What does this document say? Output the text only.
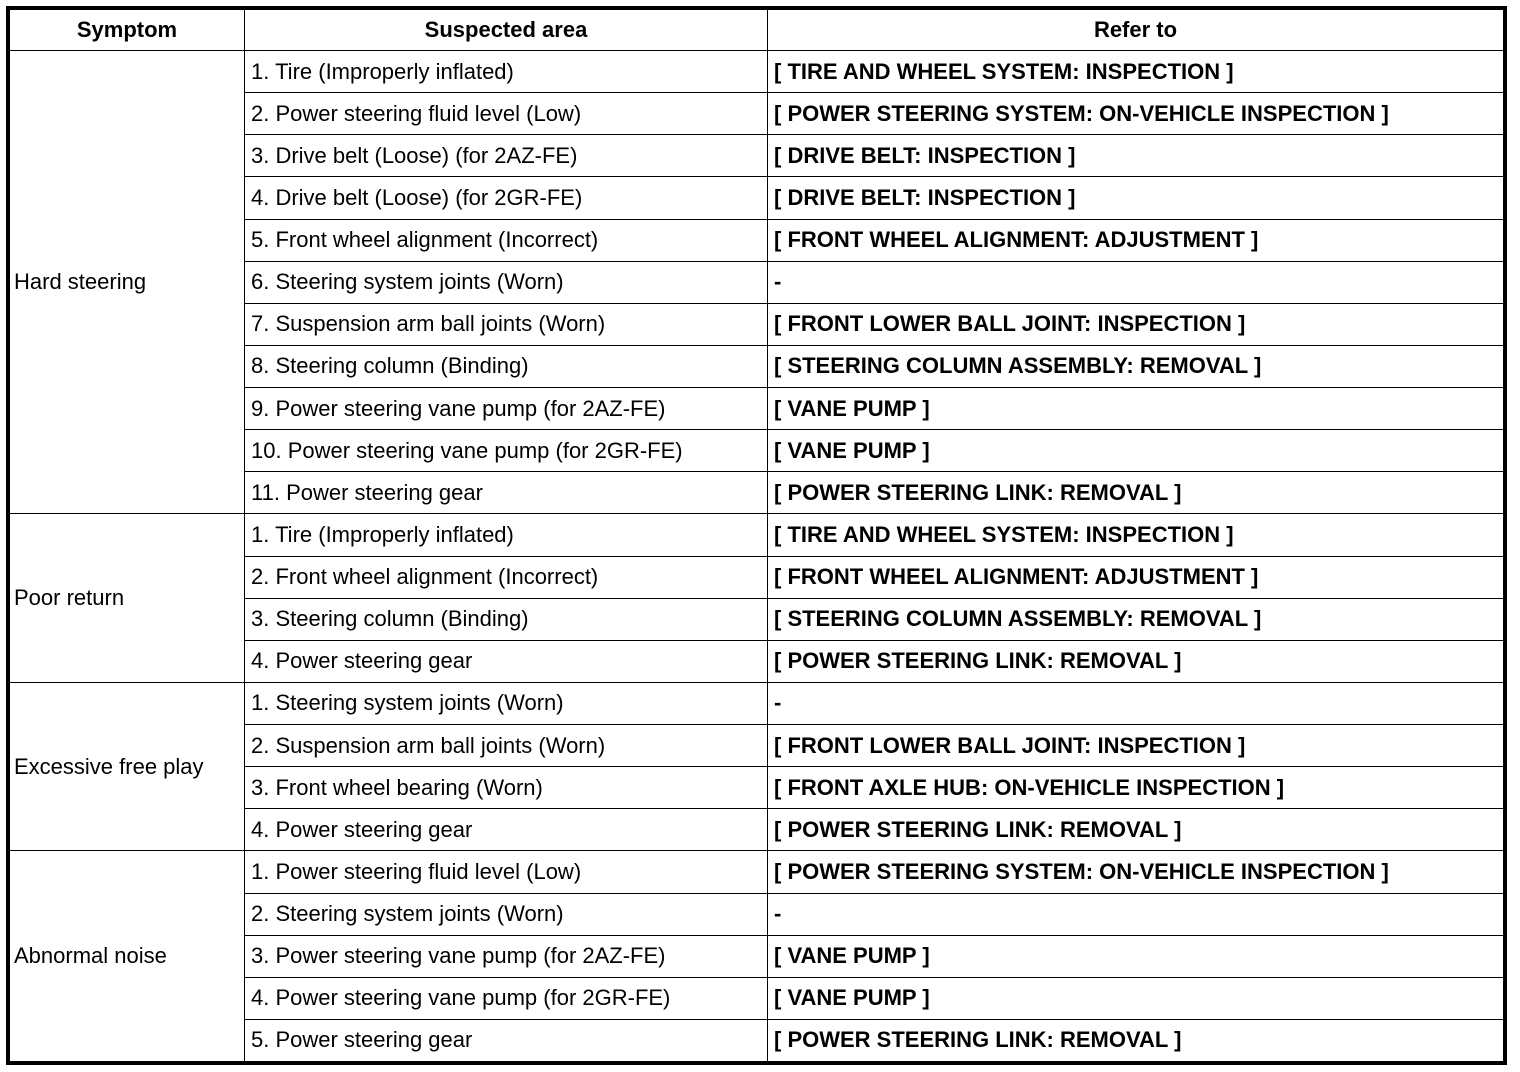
Symptom	Suspected area	Refer to
Hard steering	1. Tire (Improperly inflated)	[ TIRE AND WHEEL SYSTEM: INSPECTION ]
	2. Power steering fluid level (Low)	[ POWER STEERING SYSTEM: ON-VEHICLE INSPECTION ]
	3. Drive belt (Loose) (for 2AZ-FE)	[ DRIVE BELT: INSPECTION ]
	4. Drive belt (Loose) (for 2GR-FE)	[ DRIVE BELT: INSPECTION ]
	5. Front wheel alignment (Incorrect)	[ FRONT WHEEL ALIGNMENT: ADJUSTMENT ]
	6. Steering system joints (Worn)	-
	7. Suspension arm ball joints (Worn)	[ FRONT LOWER BALL JOINT: INSPECTION ]
	8. Steering column (Binding)	[ STEERING COLUMN ASSEMBLY: REMOVAL ]
	9. Power steering vane pump (for 2AZ-FE)	[ VANE PUMP ]
	10. Power steering vane pump (for 2GR-FE)	[ VANE PUMP ]
	11. Power steering gear	[ POWER STEERING LINK: REMOVAL ]
Poor return	1. Tire (Improperly inflated)	[ TIRE AND WHEEL SYSTEM: INSPECTION ]
	2. Front wheel alignment (Incorrect)	[ FRONT WHEEL ALIGNMENT: ADJUSTMENT ]
	3. Steering column (Binding)	[ STEERING COLUMN ASSEMBLY: REMOVAL ]
	4. Power steering gear	[ POWER STEERING LINK: REMOVAL ]
Excessive free play	1. Steering system joints (Worn)	-
	2. Suspension arm ball joints (Worn)	[ FRONT LOWER BALL JOINT: INSPECTION ]
	3. Front wheel bearing (Worn)	[ FRONT AXLE HUB: ON-VEHICLE INSPECTION ]
	4. Power steering gear	[ POWER STEERING LINK: REMOVAL ]
Abnormal noise	1. Power steering fluid level (Low)	[ POWER STEERING SYSTEM: ON-VEHICLE INSPECTION ]
	2. Steering system joints (Worn)	-
	3. Power steering vane pump (for 2AZ-FE)	[ VANE PUMP ]
	4. Power steering vane pump (for 2GR-FE)	[ VANE PUMP ]
	5. Power steering gear	[ POWER STEERING LINK: REMOVAL ]
